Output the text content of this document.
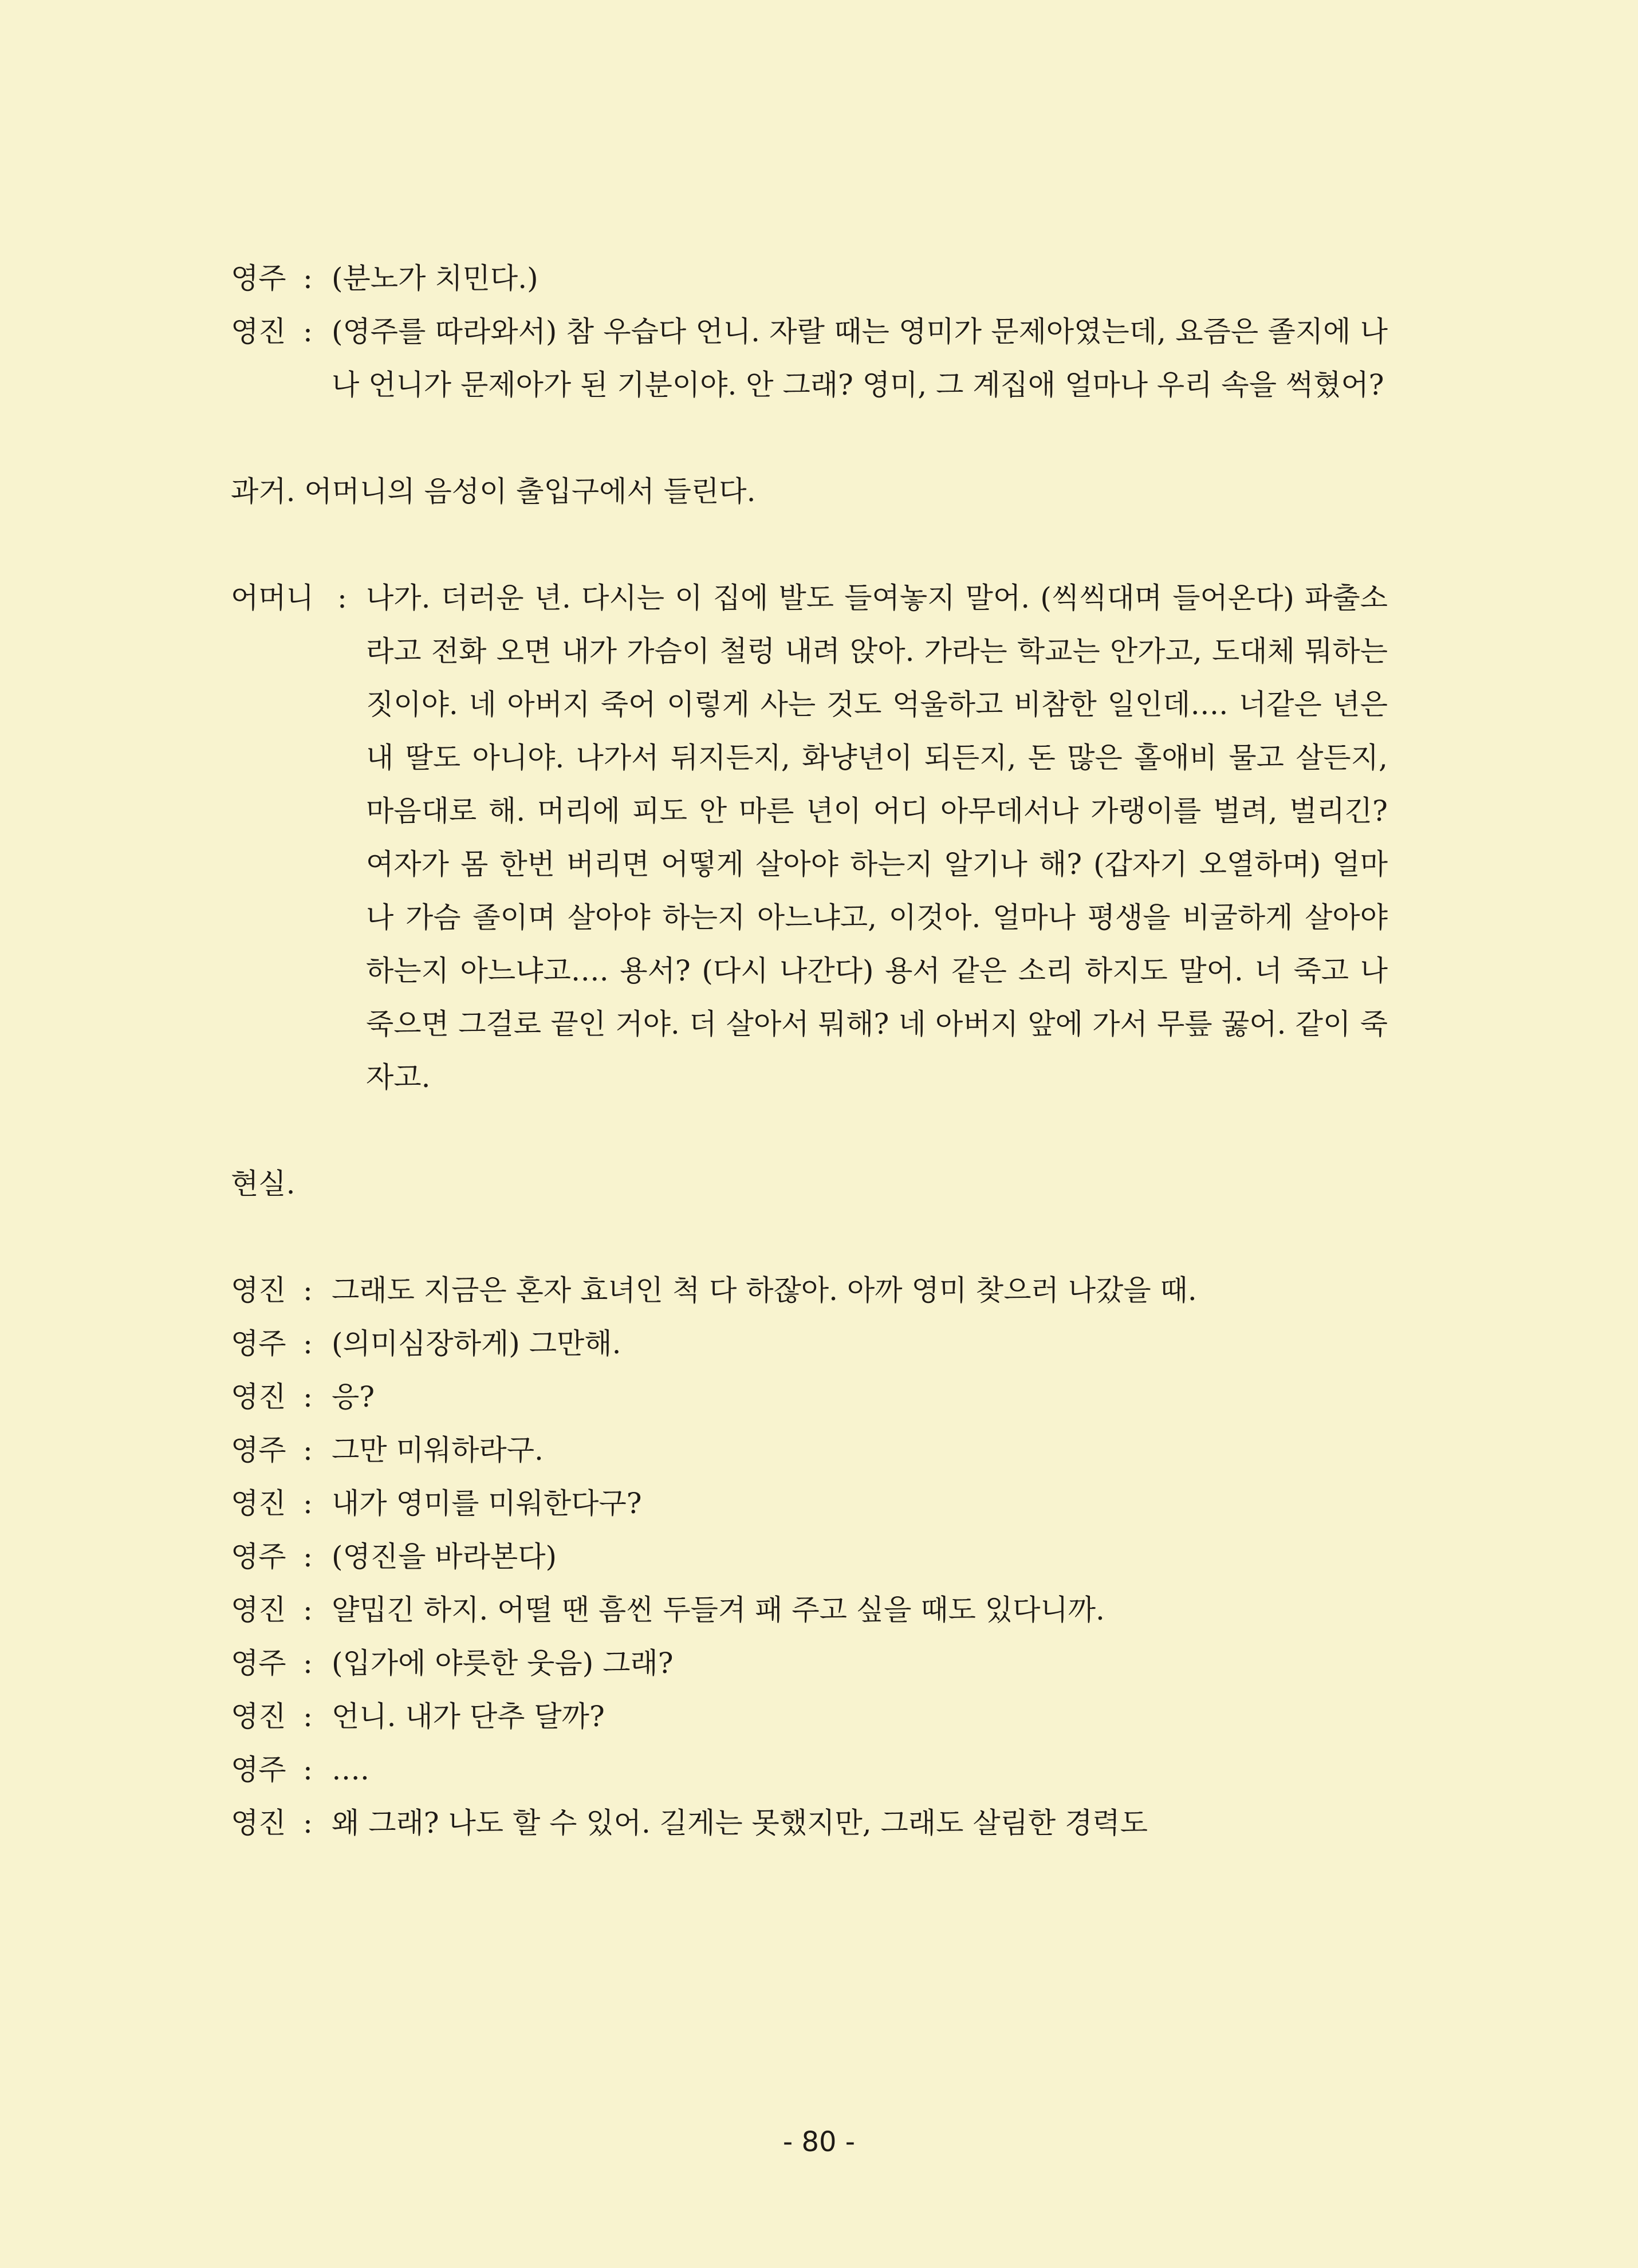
영주 : (분노가 치민다.)
영진 : (영주를 따라와서) 참 우습다 언니. 자랄 때는 영미가 문제아였는데, 요즘은 졸지에 나나 언니가 문제아가 된 기분이야. 안 그래? 영미, 그 계집애 얼마나 우리 속을 썩혔어?
과거. 어머니의 음성이 출입구에서 들린다.
어머니 : 나가. 더러운 년. 다시는 이 집에 발도 들여놓지 말어. (씩씩대며 들어온다) 파출소라고 전화 오면 내가 가슴이 철렁 내려 앉아. 가라는 학교는 안가고, 도대체 뭐하는 짓이야. 네 아버지 죽어 이렇게 사는 것도 억울하고 비참한 일인데…. 너같은 년은 내 딸도 아니야. 나가서 뒤지든지, 화냥년이 되든지, 돈 많은 홀애비 물고 살든지, 마음대로 해. 머리에 피도 안 마른 년이 어디 아무데서나 가랭이를 벌려, 벌리긴? 여자가 몸 한번 버리면 어떻게 살아야 하는지 알기나 해? (갑자기 오열하며) 얼마나 가슴 졸이며 살아야 하는지 아느냐고, 이것아. 얼마나 평생을 비굴하게 살아야 하는지 아느냐고…. 용서? (다시 나간다) 용서 같은 소리 하지도 말어. 너 죽고 나 죽으면 그걸로 끝인 거야. 더 살아서 뭐해? 네 아버지 앞에 가서 무릎 꿇어. 같이 죽자고.
현실.
영진 : 그래도 지금은 혼자 효녀인 척 다 하잖아. 아까 영미 찾으러 나갔을 때.
영주 : (의미심장하게) 그만해.
영진 : 응?
영주 : 그만 미워하라구.
영진 : 내가 영미를 미워한다구?
영주 : (영진을 바라본다)
영진 : 얄밉긴 하지. 어떨 땐 흠씬 두들겨 패 주고 싶을 때도 있다니까.
영주 : (입가에 야릇한 웃음) 그래?
영진 : 언니. 내가 단추 달까?
영주 : ….
영진 : 왜 그래? 나도 할 수 있어. 길게는 못했지만, 그래도 살림한 경력도
- 80 -
